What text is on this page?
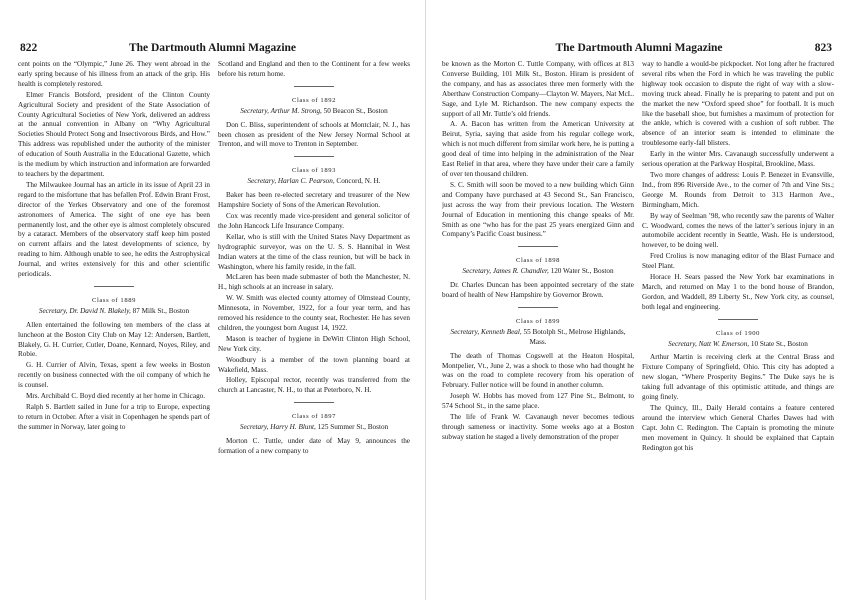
822	The Dartmouth Alumni Magazine

cent points on the “Olympic,” June 26. They went abroad in the early spring because of his illness from an attack of the grip. His health is completely restored.

Elmer Francis Botsford, president of the Clinton County Agricultural Society and president of the State Association of County Agricultural Societies of New York, delivered an address at the annual convention in Albany on “Why Agricultural Societies Should Protect Song and Insectivorous Birds, and How.” This address was republished under the authority of the minister of education of South Australia in the Educational Gazette, which is the medium by which instruction and information are forwarded to teachers by the department.

The Milwaukee Journal has an article in its issue of April 23 in regard to the misfortune that has befallen Prof. Edwin Brant Frost, director of the Yerkes Observatory and one of the foremost astronomers of America. The sight of one eye has been permanently lost, and the other eye is almost completely obscured by a cataract. Members of the observatory staff keep him posted on current affairs and the latest developments of science, by reading to him. Although unable to see, he edits the Astrophysical Journal, and writes extensively for this and other scientific periodicals.

Class of 1889
Secretary, Dr. David N. Blakely, 87 Milk St., Boston

Allen entertained the following ten members of the class at luncheon at the Boston City Club on May 12: Andersen, Bartlett, Blakely, G. H. Currier, Cutler, Doane, Kennard, Noyes, Riley, and Robie.

G. H. Currier of Alvin, Texas, spent a few weeks in Boston recently on business connected with the oil company of which he is counsel.

Mrs. Archibald C. Boyd died recently at her home in Chicago.

Ralph S. Bartlett sailed in June for a trip to Europe, expecting to return in October. After a visit in Copenhagen he spends part of the summer in Norway, later going to

Scotland and England and then to the Continent for a few weeks before his return home.

Class of 1892
Secretary, Arthur M. Strong, 50 Beacon St., Boston

Don C. Bliss, superintendent of schools at Montclair, N. J., has been chosen as president of the New Jersey Normal School at Trenton, and will move to Trenton in September.

Class of 1893
Secretary, Harlan C. Pearson, Concord, N. H.

Baker has been re-elected secretary and treasurer of the New Hampshire Society of Sons of the American Revolution.

Cox was recently made vice-president and general solicitor of the John Hancock Life Insurance Company.

Kellar, who is still with the United States Navy Department as hydrographic surveyor, was on the U. S. S. Hannibal in West Indian waters at the time of the class reunion, but will be back in Washington, where his family reside, in the fall.

McLaren has been made submaster of both the Manchester, N. H., high schools at an increase in salary.

W. W. Smith was elected county attorney of Olmstead County, Minnesota, in November, 1922, for a four year term, and has removed his residence to the county seat, Rochester. He has seven children, the youngest born August 14, 1922.

Mason is teacher of hygiene in DeWitt Clinton High School, New York city.

Woodbury is a member of the town planning board at Wakefield, Mass.

Holley, Episcopal rector, recently was transferred from the church at Lancaster, N. H., to that at Peterboro, N. H.

Class of 1897
Secretary, Harry H. Blunt, 125 Summer St., Boston

Morton C. Tuttle, under date of May 9, announces the formation of a new company to

The Dartmouth Alumni Magazine	823

be known as the Morton C. Tuttle Company, with offices at 813 Converse Building, 101 Milk St., Boston. Hiram is president of the company, and has as associates three men formerly with the Aberthaw Construction Company—Clayton W. Mayers, Nat McL. Sage, and Lyle M. Richardson. The new company expects the support of all Mr. Tuttle’s old friends.

A. A. Bacon has written from the American University at Beirut, Syria, saying that aside from his regular college work, which is not much different from similar work here, he is putting a good deal of time into helping in the administration of the Near East Relief in that area, where they have under their care a family of over ten thousand children.

S. C. Smith will soon be moved to a new building which Ginn and Company have purchased at 43 Second St., San Francisco, just across the way from their previous location. The Western Journal of Education in mentioning this change speaks of Mr. Smith as one “who has for the past 25 years energized Ginn and Company’s Pacific Coast business.”

Class of 1898
Secretary, James R. Chandler, 120 Water St., Boston

Dr. Charles Duncan has been appointed secretary of the state board of health of New Hampshire by Governor Brown.

Class of 1899
Secretary, Kenneth Beal, 55 Botolph St., Melrose Highlands, Mass.

The death of Thomas Cogswell at the Heaton Hospital, Montpelier, Vt., June 2, was a shock to those who had thought he was on the road to complete recovery from his operation of February. Fuller notice will be found in another column.

Joseph W. Hobbs has moved from 127 Pine St., Belmont, to 574 School St., in the same place.

The life of Frank W. Cavanaugh never becomes tedious through sameness or inactivity. Some weeks ago at a Boston subway station he staged a lively demonstration of the proper

way to handle a would-be pickpocket. Not long after he fractured several ribs when the Ford in which he was traveling the public highway took occasion to dispute the right of way with a slow-moving truck ahead. Finally he is preparing to patent and put on the market the new “Oxford speed shoe” for football. It is much like the baseball shoe, but furnishes a maximum of protection for the ankle, which is covered with a cushion of soft rubber. The absence of an interior seam is intended to eliminate the troublesome early-fall blisters.

Early in the winter Mrs. Cavanaugh successfully underwent a serious operation at the Parkway Hospital, Brookline, Mass.

Two more changes of address: Louis P. Benezet in Evansville, Ind., from 896 Riverside Ave., to the corner of 7th and Vine Sts.; George M. Rounds from Detroit to 313 Harmon Ave., Birmingham, Mich.

By way of Seelman ’98, who recently saw the parents of Walter C. Woodward, comes the news of the latter’s serious injury in an automobile accident recently in Seattle, Wash. He is understood, however, to be doing well.

Fred Crolius is now managing editor of the Blast Furnace and Steel Plant.

Horace H. Sears passed the New York bar examinations in March, and returned on May 1 to the bond house of Brandon, Gordon, and Waddell, 89 Liberty St., New York city, as counsel, both legal and engineering.

Class of 1900
Secretary, Natt W. Emerson, 10 State St., Boston

Arthur Martin is receiving clerk at the Central Brass and Fixture Company of Springfield, Ohio. This city has adopted a new slogan, “Where Prosperity Begins.” The Duke says he is taking full advantage of this optimistic attitude, and things are going finely.

The Quincy, Ill., Daily Herald contains a feature centered around the interview which General Charles Dawes had with Capt. John C. Redington. The Captain is promoting the minute men movement in Quincy. It should be explained that Captain Redington got his
